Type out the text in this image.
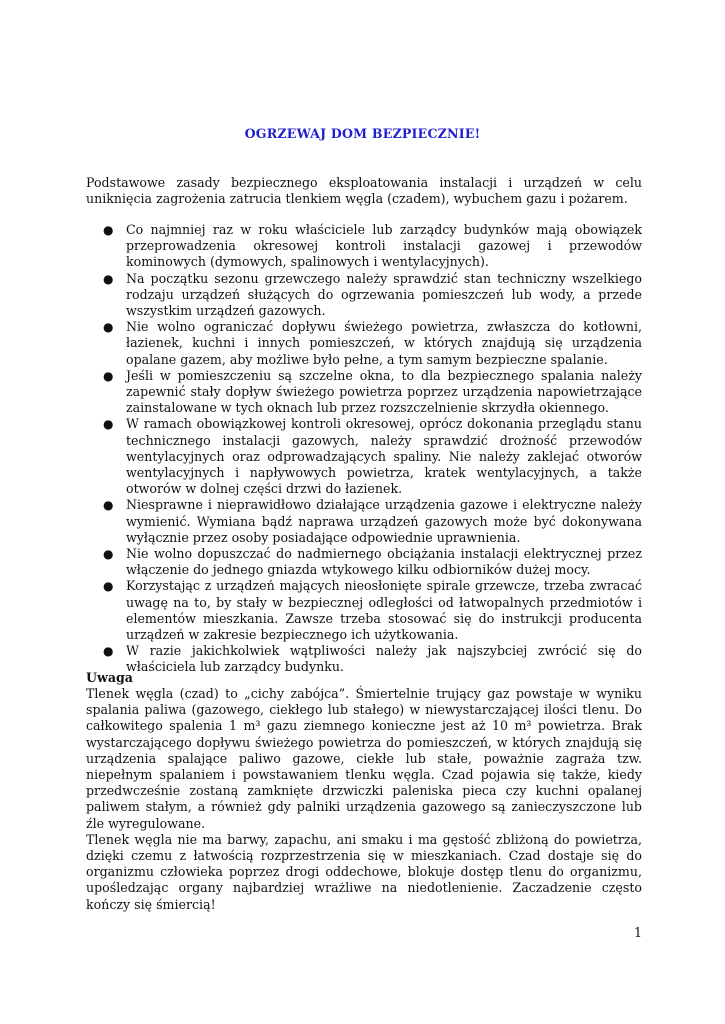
OGRZEWAJ DOM BEZPIECZNIE!

Podstawowe zasady bezpiecznego eksploatowania instalacji i urządzeń w celu uniknięcia zagrożenia zatrucia tlenkiem węgla (czadem), wybuchem gazu i pożarem.

● Co najmniej raz w roku właściciele lub zarządcy budynków mają obowiązek przeprowadzenia okresowej kontroli instalacji gazowej i przewodów kominowych (dymowych, spalinowych i wentylacyjnych).
● Na początku sezonu grzewczego należy sprawdzić stan techniczny wszelkiego rodzaju urządzeń służących do ogrzewania pomieszczeń lub wody, a przede wszystkim urządzeń gazowych.
● Nie wolno ograniczać dopływu świeżego powietrza, zwłaszcza do kotłowni, łazienek, kuchni i innych pomieszczeń, w których znajdują się urządzenia opalane gazem, aby możliwe było pełne, a tym samym bezpieczne spalanie.
● Jeśli w pomieszczeniu są szczelne okna, to dla bezpiecznego spalania należy zapewnić stały dopływ świeżego powietrza poprzez urządzenia napowietrzające zainstalowane w tych oknach lub przez rozszczelnienie skrzydła okiennego.
● W ramach obowiązkowej kontroli okresowej, oprócz dokonania przeglądu stanu technicznego instalacji gazowych, należy sprawdzić drożność przewodów wentylacyjnych oraz odprowadzających spaliny. Nie należy zaklejać otworów wentylacyjnych i napływowych powietrza, kratek wentylacyjnych, a także otworów w dolnej części drzwi do łazienek.
● Niesprawne i nieprawidłowo działające urządzenia gazowe i elektryczne należy wymienić. Wymiana bądź naprawa urządzeń gazowych może być dokonywana wyłącznie przez osoby posiadające odpowiednie uprawnienia.
● Nie wolno dopuszczać do nadmiernego obciążania instalacji elektrycznej przez włączenie do jednego gniazda wtykowego kilku odbiorników dużej mocy.
● Korzystając z urządzeń mających nieosłonięte spirale grzewcze, trzeba zwracać uwagę na to, by stały w bezpiecznej odległości od łatwopalnych przedmiotów i elementów mieszkania. Zawsze trzeba stosować się do instrukcji producenta urządzeń w zakresie bezpiecznego ich użytkowania.
● W razie jakichkolwiek wątpliwości należy jak najszybciej zwrócić się do właściciela lub zarządcy budynku.

Uwaga

Tlenek węgla (czad) to „cichy zabójca”. Śmiertelnie trujący gaz powstaje w wyniku spalania paliwa (gazowego, ciekłego lub stałego) w niewystarczającej ilości tlenu. Do całkowitego spalenia 1 m³ gazu ziemnego konieczne jest aż 10 m³ powietrza. Brak wystarczającego dopływu świeżego powietrza do pomieszczeń, w których znajdują się urządzenia spalające paliwo gazowe, ciekłe lub stałe, poważnie zagraża tzw. niepełnym spalaniem i powstawaniem tlenku węgla. Czad pojawia się także, kiedy przedwcześnie zostaną zamknięte drzwiczki paleniska pieca czy kuchni opalanej paliwem stałym, a również gdy palniki urządzenia gazowego są zanieczyszczone lub źle wyregulowane.

Tlenek węgla nie ma barwy, zapachu, ani smaku i ma gęstość zbliżoną do powietrza, dzięki czemu z łatwością rozprzestrzenia się w mieszkaniach. Czad dostaje się do organizmu człowieka poprzez drogi oddechowe, blokuje dostęp tlenu do organizmu, upośledzając organy najbardziej wrażliwe na niedotlenienie. Zaczadzenie często kończy się śmiercią!

1
